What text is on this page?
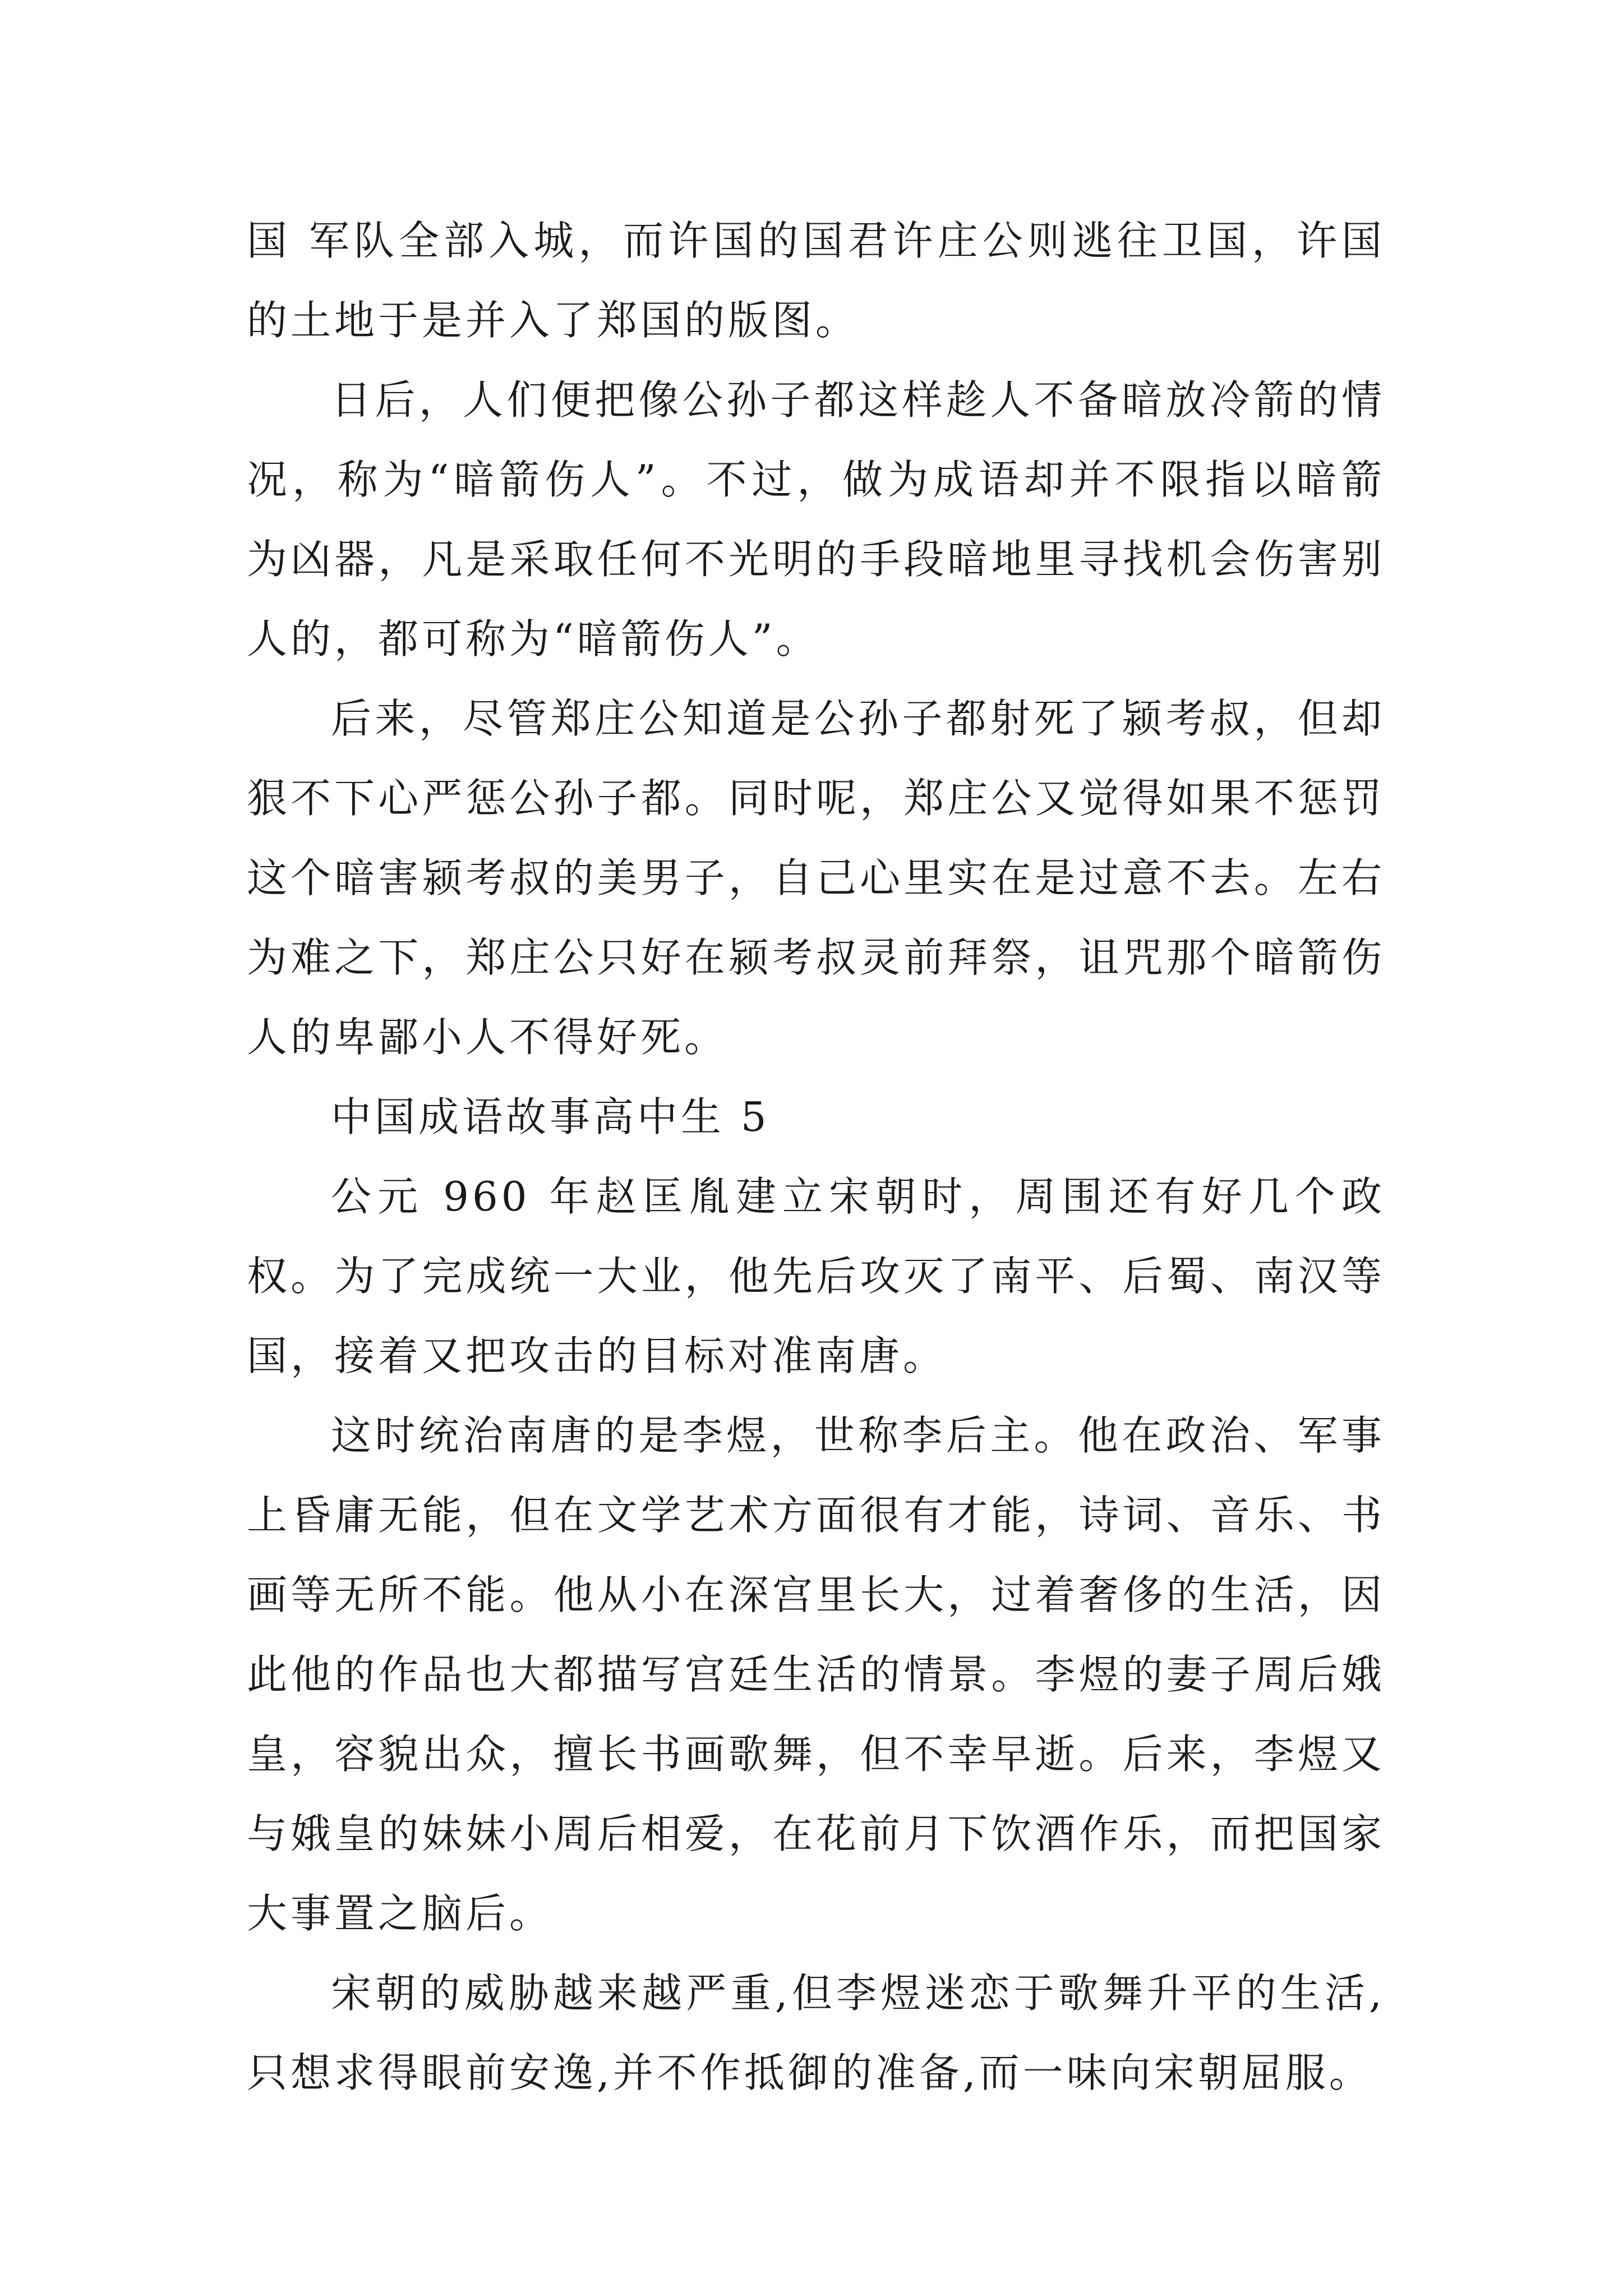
国 军队全部入城，而许国的国君许庄公则逃往卫国，许国的土地于是并入了郑国的版图。

日后，人们便把像公孙子都这样趁人不备暗放冷箭的情况，称为“暗箭伤人”。不过，做为成语却并不限指以暗箭为凶器，凡是采取任何不光明的手段暗地里寻找机会伤害别人的，都可称为“暗箭伤人”。

后来，尽管郑庄公知道是公孙子都射死了颍考叔，但却狠不下心严惩公孙子都。同时呢，郑庄公又觉得如果不惩罚这个暗害颍考叔的美男子，自己心里实在是过意不去。左右为难之下，郑庄公只好在颍考叔灵前拜祭，诅咒那个暗箭伤人的卑鄙小人不得好死。

中国成语故事高中生 5

公元 960 年赵匡胤建立宋朝时，周围还有好几个政权。为了完成统一大业，他先后攻灭了南平、后蜀、南汉等国，接着又把攻击的目标对准南唐。

这时统治南唐的是李煜，世称李后主。他在政治、军事上昏庸无能，但在文学艺术方面很有才能，诗词、音乐、书画等无所不能。他从小在深宫里长大，过着奢侈的生活，因此他的作品也大都描写宫廷生活的情景。李煜的妻子周后娥皇，容貌出众，擅长书画歌舞，但不幸早逝。后来，李煜又与娥皇的妹妹小周后相爱，在花前月下饮酒作乐，而把国家大事置之脑后。

宋朝的威胁越来越严重,但李煜迷恋于歌舞升平的生活,只想求得眼前安逸,并不作抵御的准备,而一味向宋朝屈服。
